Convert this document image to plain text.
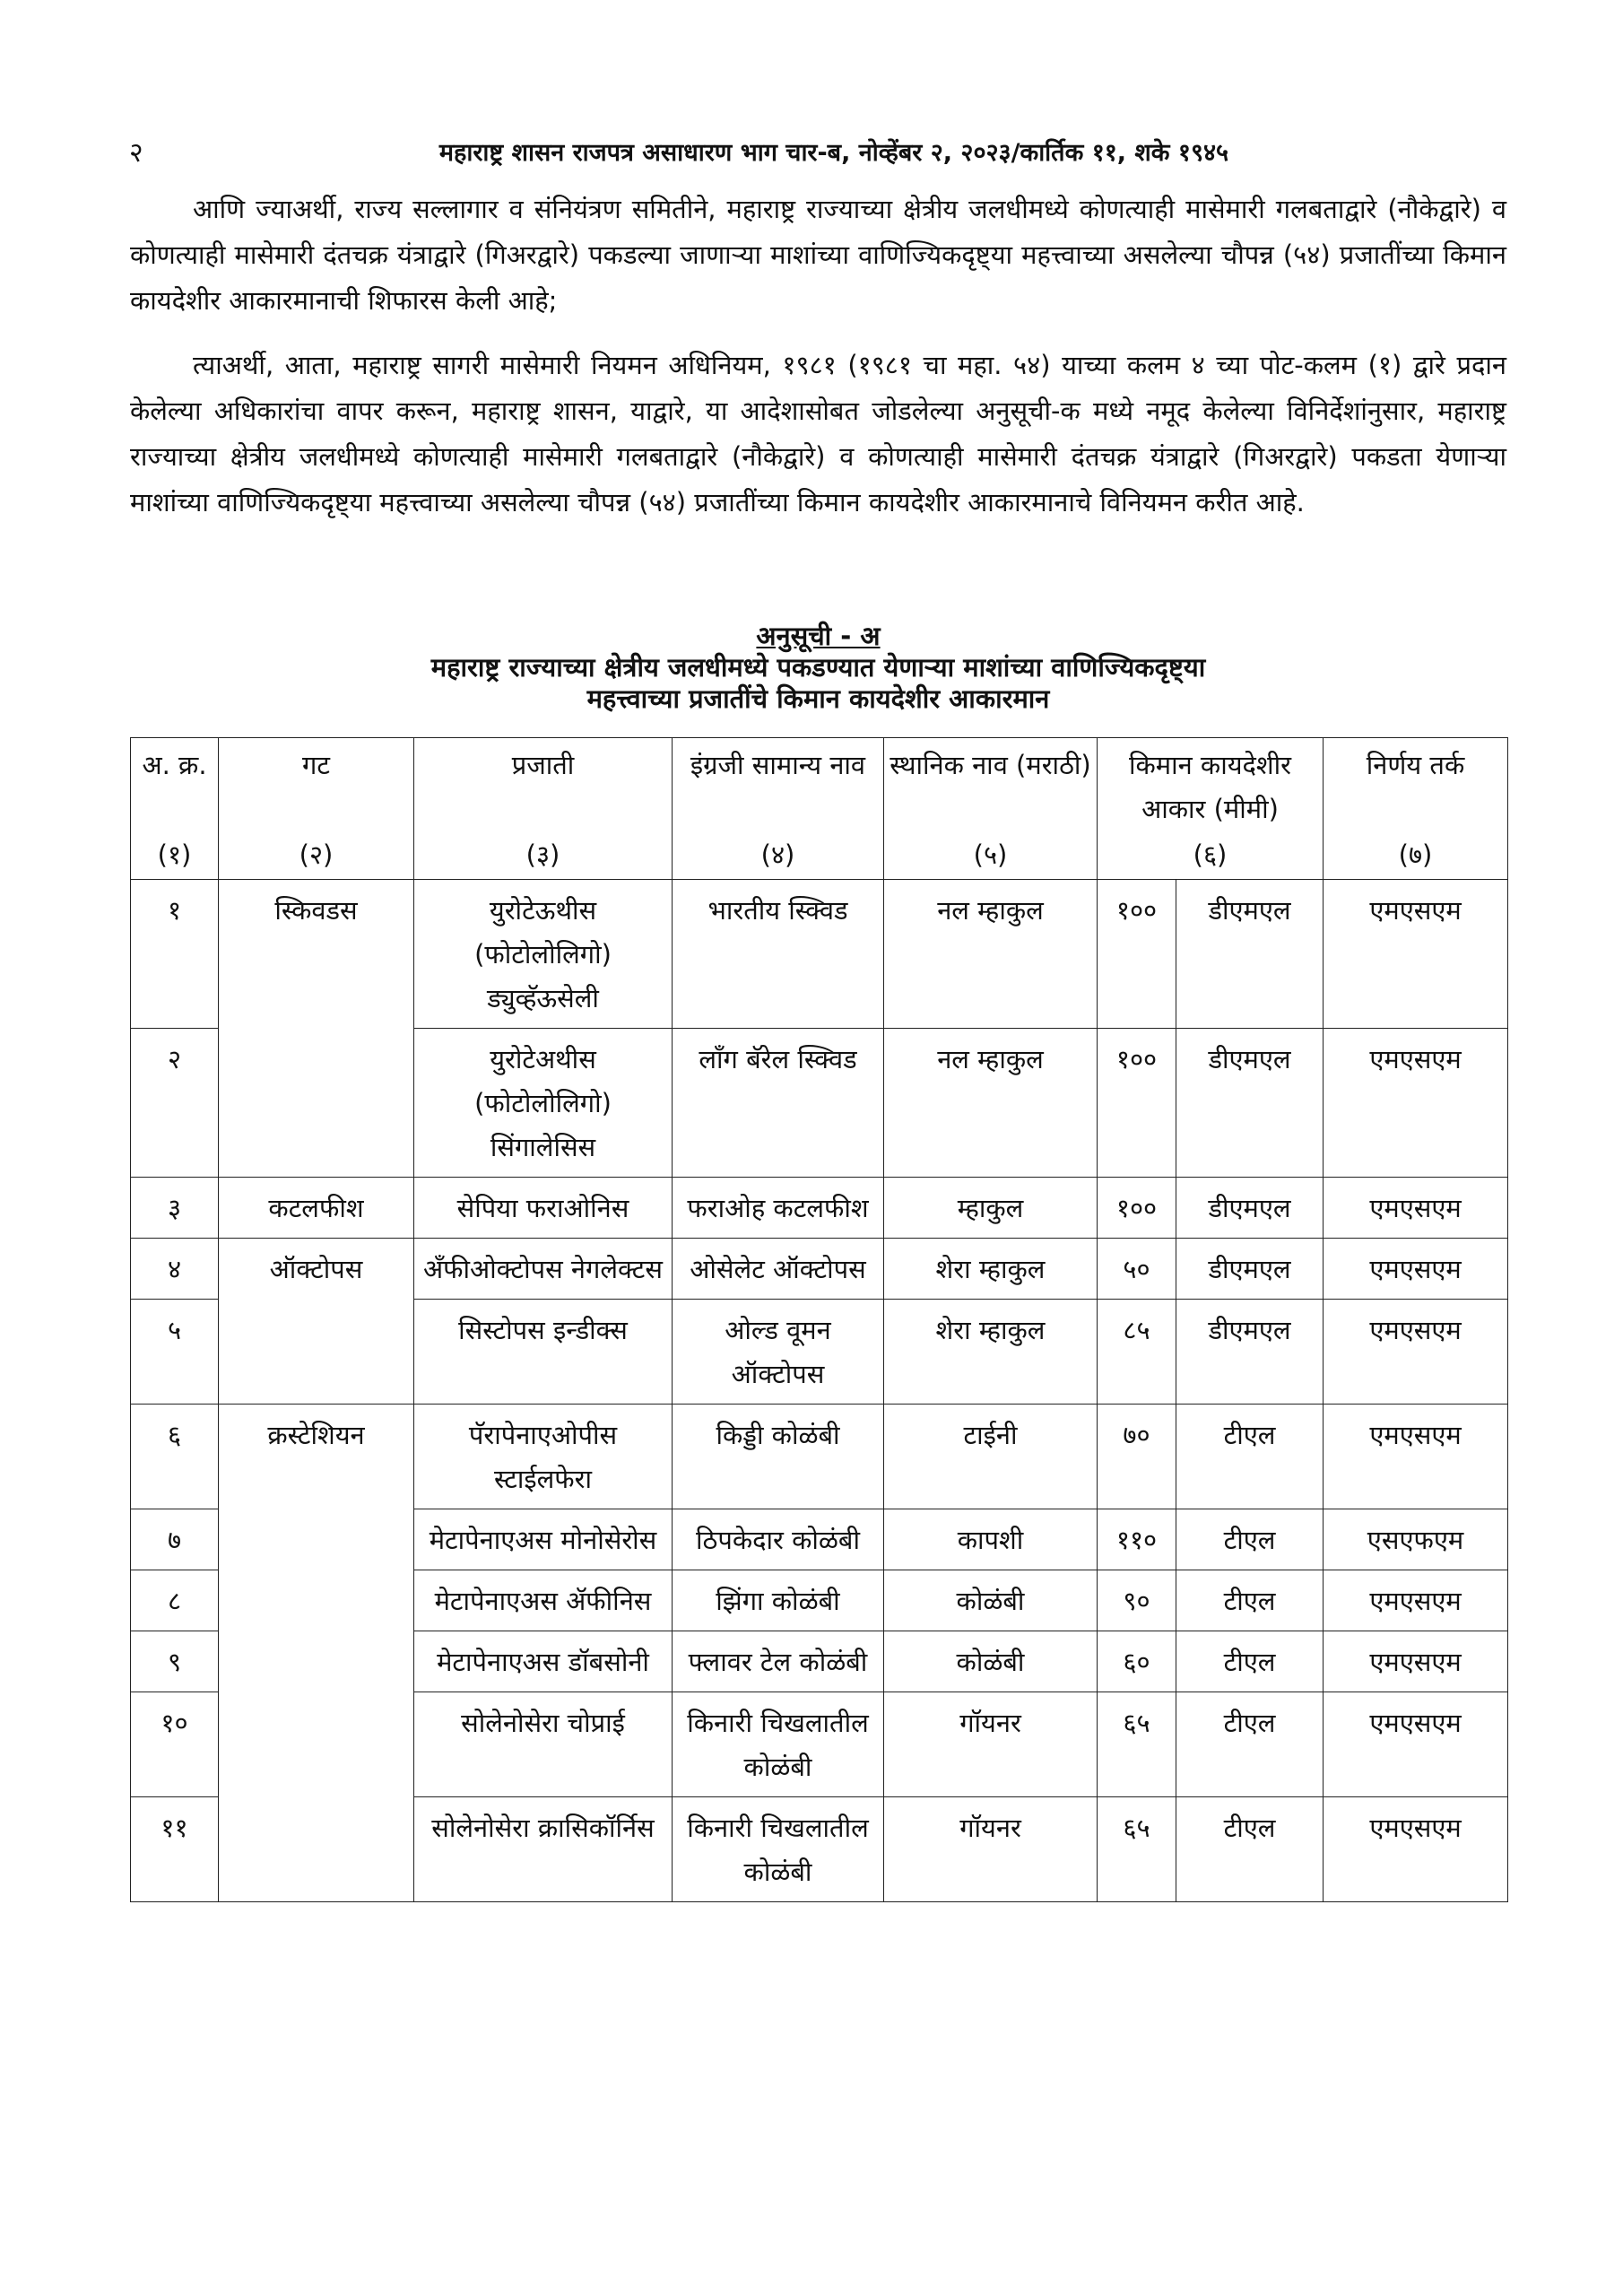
२	महाराष्ट्र शासन राजपत्र असाधारण भाग चार-ब, नोव्हेंबर २, २०२३/कार्तिक ११, शके १९४५

आणि ज्याअर्थी, राज्य सल्लागार व संनियंत्रण समितीने, महाराष्ट्र राज्याच्या क्षेत्रीय जलधीमध्ये कोणत्याही मासेमारी गलबताद्वारे (नौकेद्वारे) व कोणत्याही मासेमारी दंतचक्र यंत्राद्वारे (गिअरद्वारे) पकडल्या जाणाऱ्या माशांच्या वाणिज्यिकदृष्ट्या महत्त्वाच्या असलेल्या चौपन्न (५४) प्रजातींच्या किमान कायदेशीर आकारमानाची शिफारस केली आहे;

त्याअर्थी, आता, महाराष्ट्र सागरी मासेमारी नियमन अधिनियम, १९८१ (१९८१ चा महा. ५४) याच्या कलम ४ च्या पोट-कलम (१) द्वारे प्रदान केलेल्या अधिकारांचा वापर करून, महाराष्ट्र शासन, याद्वारे, या आदेशासोबत जोडलेल्या अनुसूची-क मध्ये नमूद केलेल्या विनिर्देशांनुसार, महाराष्ट्र राज्याच्या क्षेत्रीय जलधीमध्ये कोणत्याही मासेमारी गलबताद्वारे (नौकेद्वारे) व कोणत्याही मासेमारी दंतचक्र यंत्राद्वारे (गिअरद्वारे) पकडता येणाऱ्या माशांच्या वाणिज्यिकदृष्ट्या महत्त्वाच्या असलेल्या चौपन्न (५४) प्रजातींच्या किमान कायदेशीर आकारमानाचे विनियमन करीत आहे.

अनुसूची - अ
महाराष्ट्र राज्याच्या क्षेत्रीय जलधीमध्ये पकडण्यात येणाऱ्या माशांच्या वाणिज्यिकदृष्ट्या
महत्त्वाच्या प्रजातींचे किमान कायदेशीर आकारमान
अ. क्र.	गट	प्रजाती	इंग्रजी सामान्य नाव	स्थानिक नाव (मराठी)	किमान कायदेशीर आकार (मीमी)		निर्णय तर्क
(१)	(२)	(३)	(४)	(५)	(६)		(७)
१	स्किवडस	युरोटेऊथीस (फोटोलोलिगो) ड्युव्हॅऊसेली	भारतीय स्क्विड	नल म्हाकुल	१००	डीएमएल	एमएसएम
२		युरोटेअथीस (फोटोलोलिगो) सिंगालेसिस	लाँग बॅरेल स्क्विड	नल म्हाकुल	१००	डीएमएल	एमएसएम
३	कटलफीश	सेपिया फराओनिस	फराओह कटलफीश	म्हाकुल	१००	डीएमएल	एमएसएम
४	ऑक्टोपस	अँफीओक्टोपस नेगलेक्टस	ओसेलेट ऑक्टोपस	शेरा म्हाकुल	५०	डीएमएल	एमएसएम
५		सिस्टोपस इन्डीक्स	ओल्ड वूमन ऑक्टोपस	शेरा म्हाकुल	८५	डीएमएल	एमएसएम
६	क्रस्टेशियन	पॅरापेनाएओपीस स्टाईलफेरा	किड्डी कोळंबी	टाईनी	७०	टीएल	एमएसएम
७		मेटापेनाएअस मोनोसेरोस	ठिपकेदार कोळंबी	कापशी	११०	टीएल	एसएफएम
८		मेटापेनाएअस ॲफीनिस	झिंगा कोळंबी	कोळंबी	९०	टीएल	एमएसएम
९		मेटापेनाएअस डॉबसोनी	फ्लावर टेल कोळंबी	कोळंबी	६०	टीएल	एमएसएम
१०		सोलेनोसेरा चोप्राई	किनारी चिखलातील कोळंबी	गॉयनर	६५	टीएल	एमएसएम
११		सोलेनोसेरा क्रासिकॉर्निस	किनारी चिखलातील कोळंबी	गॉयनर	६५	टीएल	एमएसएम
